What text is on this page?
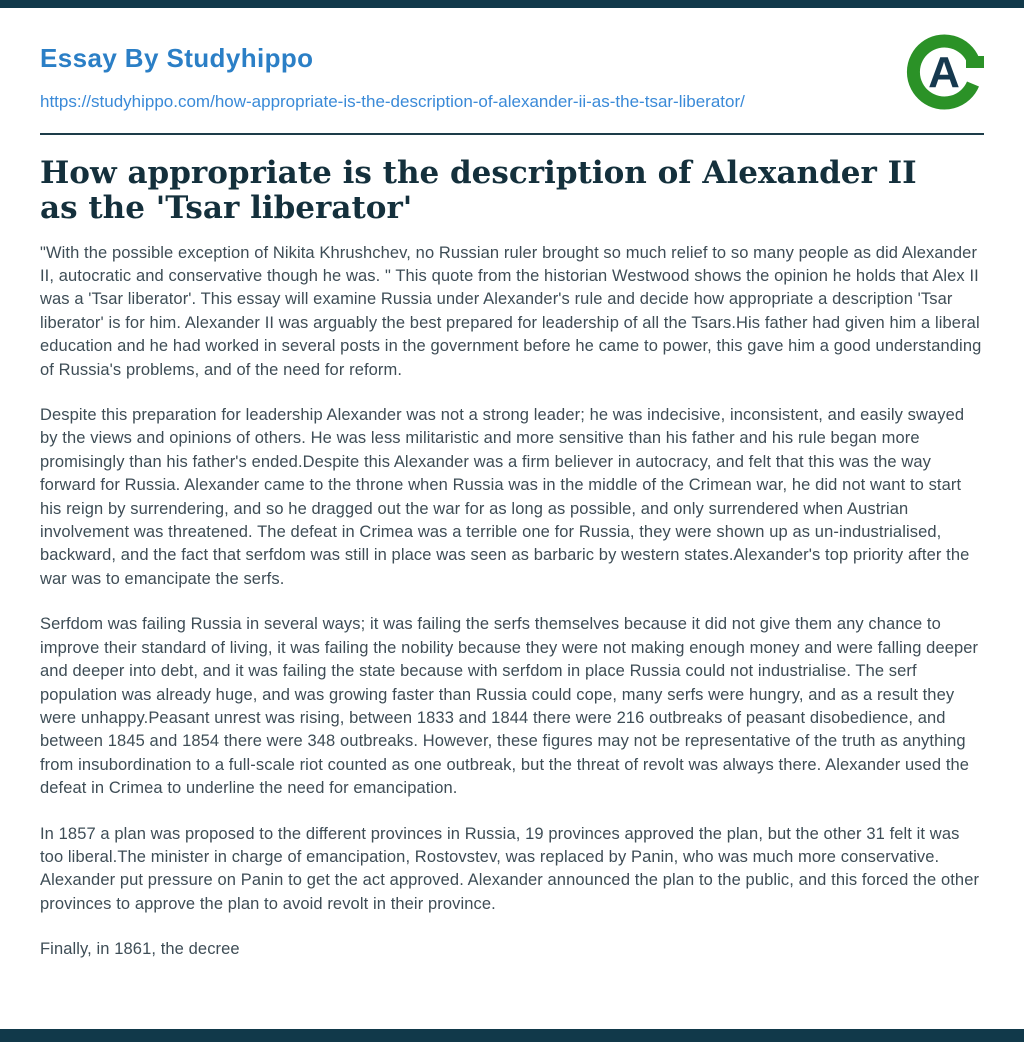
Essay By Studyhippo
https://studyhippo.com/how-appropriate-is-the-description-of-alexander-ii-as-the-tsar-liberator/
A
How appropriate is the description of Alexander II
as the 'Tsar liberator'

"With the possible exception of Nikita Khrushchev, no Russian ruler brought so much relief to so many people as did Alexander II, autocratic and conservative though he was. " This quote from the historian Westwood shows the opinion he holds that Alex II was a 'Tsar liberator'. This essay will examine Russia under Alexander's rule and decide how appropriate a description 'Tsar liberator' is for him. Alexander II was arguably the best prepared for leadership of all the Tsars.His father had given him a liberal education and he had worked in several posts in the government before he came to power, this gave him a good understanding of Russia's problems, and of the need for reform.

Despite this preparation for leadership Alexander was not a strong leader; he was indecisive, inconsistent, and easily swayed by the views and opinions of others. He was less militaristic and more sensitive than his father and his rule began more promisingly than his father's ended.Despite this Alexander was a firm believer in autocracy, and felt that this was the way forward for Russia. Alexander came to the throne when Russia was in the middle of the Crimean war, he did not want to start his reign by surrendering, and so he dragged out the war for as long as possible, and only surrendered when Austrian involvement was threatened. The defeat in Crimea was a terrible one for Russia, they were shown up as un-industrialised, backward, and the fact that serfdom was still in place was seen as barbaric by western states.Alexander's top priority after the war was to emancipate the serfs.

Serfdom was failing Russia in several ways; it was failing the serfs themselves because it did not give them any chance to improve their standard of living, it was failing the nobility because they were not making enough money and were falling deeper and deeper into debt, and it was failing the state because with serfdom in place Russia could not industrialise. The serf population was already huge, and was growing faster than Russia could cope, many serfs were hungry, and as a result they were unhappy.Peasant unrest was rising, between 1833 and 1844 there were 216 outbreaks of peasant disobedience, and between 1845 and 1854 there were 348 outbreaks. However, these figures may not be representative of the truth as anything from insubordination to a full-scale riot counted as one outbreak, but the threat of revolt was always there. Alexander used the defeat in Crimea to underline the need for emancipation.

In 1857 a plan was proposed to the different provinces in Russia, 19 provinces approved the plan, but the other 31 felt it was too liberal.The minister in charge of emancipation, Rostovstev, was replaced by Panin, who was much more conservative. Alexander put pressure on Panin to get the act approved. Alexander announced the plan to the public, and this forced the other provinces to approve the plan to avoid revolt in their province.

Finally, in 1861, the decree
